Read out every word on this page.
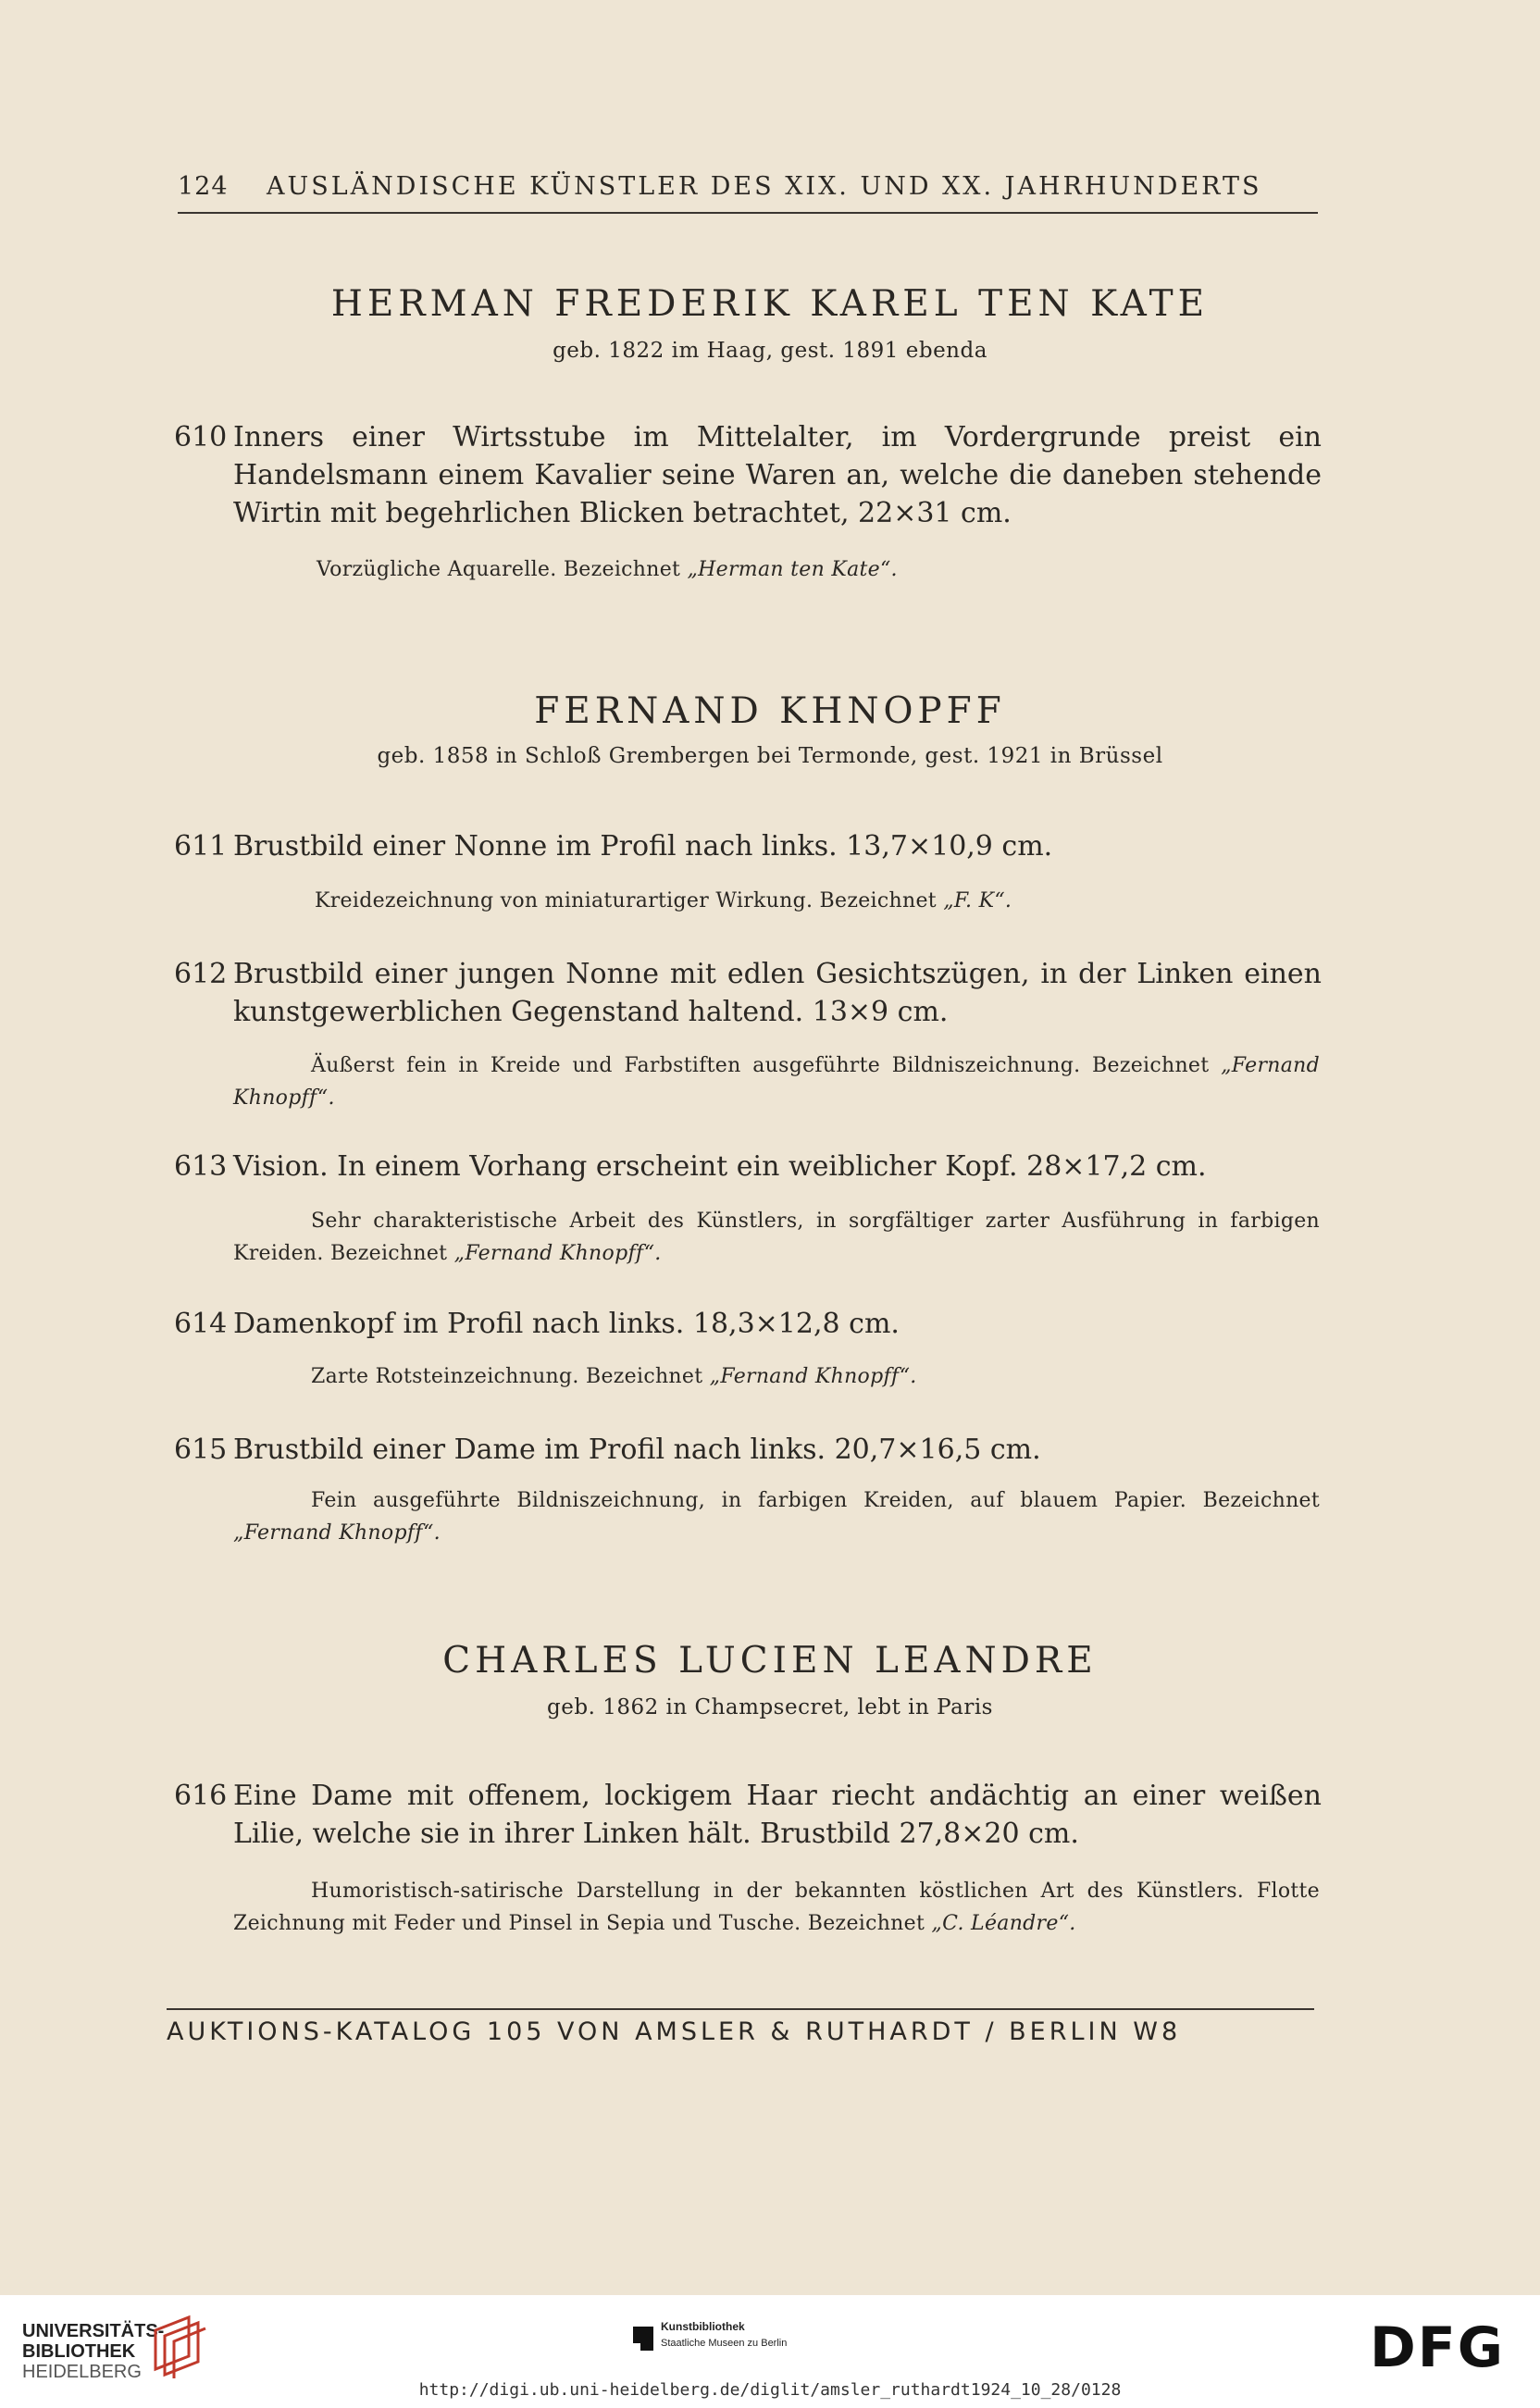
124 AUSLÄNDISCHE KÜNSTLER DES XIX. UND XX. JAHRHUNDERTS
HERMAN FREDERIK KAREL TEN KATE
geb. 1822 im Haag, gest. 1891 ebenda
610 Inners einer Wirtsstube im Mittelalter, im Vordergrunde preist ein Handelsmann einem Kavalier seine Waren an, welche die daneben stehende Wirtin mit begehrlichen Blicken betrachtet, 22×31 cm.
Vorzügliche Aquarelle. Bezeichnet „Herman ten Kate“.
FERNAND KHNOPFF
geb. 1858 in Schloß Grembergen bei Termonde, gest. 1921 in Brüssel
611 Brustbild einer Nonne im Profil nach links. 13,7×10,9 cm.
Kreidezeichnung von miniaturartiger Wirkung. Bezeichnet „F. K“.
612 Brustbild einer jungen Nonne mit edlen Gesichtszügen, in der Linken einen kunstgewerblichen Gegenstand haltend. 13×9 cm.
Äußerst fein in Kreide und Farbstiften ausgeführte Bildniszeichnung. Bezeichnet „Fernand Khnopff“.
613 Vision. In einem Vorhang erscheint ein weiblicher Kopf. 28×17,2 cm.
Sehr charakteristische Arbeit des Künstlers, in sorgfältiger zarter Ausführung in farbigen Kreiden. Bezeichnet „Fernand Khnopff“.
614 Damenkopf im Profil nach links. 18,3×12,8 cm.
Zarte Rotsteinzeichnung. Bezeichnet „Fernand Khnopff“.
615 Brustbild einer Dame im Profil nach links. 20,7×16,5 cm.
Fein ausgeführte Bildniszeichnung, in farbigen Kreiden, auf blauem Papier. Bezeichnet „Fernand Khnopff“.
CHARLES LUCIEN LEANDRE
geb. 1862 in Champsecret, lebt in Paris
616 Eine Dame mit offenem, lockigem Haar riecht andächtig an einer weißen Lilie, welche sie in ihrer Linken hält. Brustbild 27,8×20 cm.
Humoristisch-satirische Darstellung in der bekannten köstlichen Art des Künstlers. Flotte Zeichnung mit Feder und Pinsel in Sepia und Tusche. Bezeichnet „C. Léandre“.
AUKTIONS-KATALOG 105 VON AMSLER & RUTHARDT / BERLIN W8
UNIVERSITÄTS-
BIBLIOTHEK
HEIDELBERG
Kunstbibliothek
Staatliche Museen zu Berlin	DFG
http://digi.ub.uni-heidelberg.de/diglit/amsler_ruthardt1924_10_28/0128
